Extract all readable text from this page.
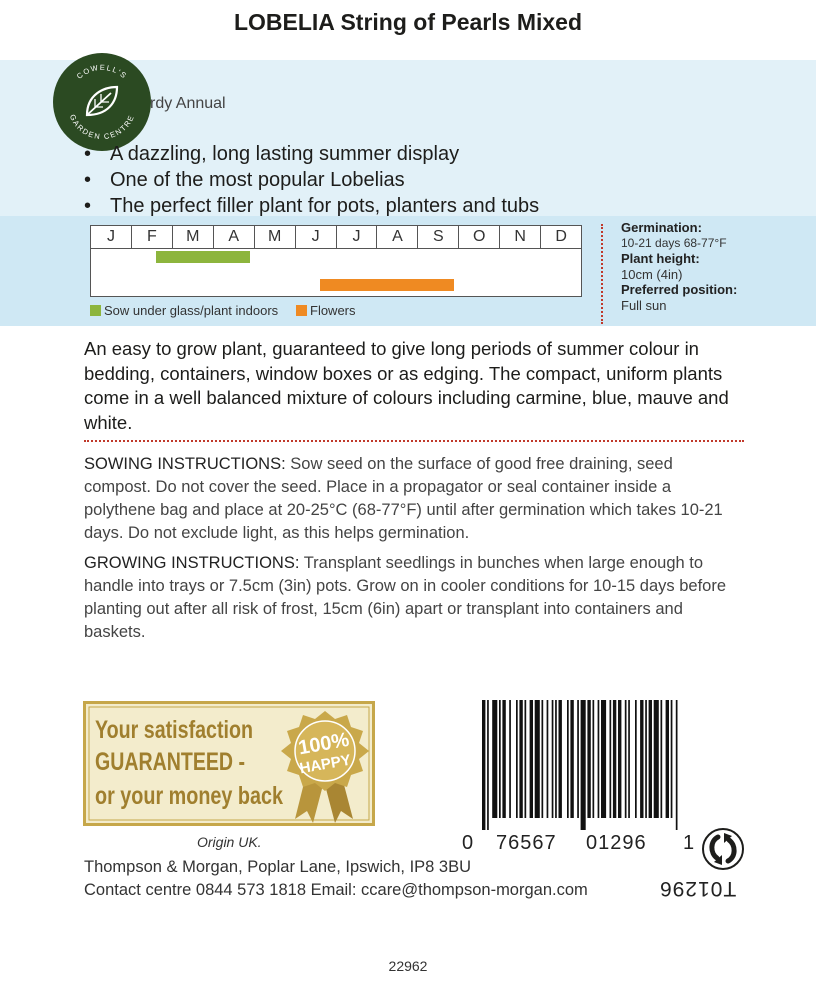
LOBELIA String of Pearls Mixed
COWELL'S
GARDEN CENTRE
rdy Annual
• A dazzling, long lasting summer display
• One of the most popular Lobelias
• The perfect filler plant for pots, planters and tubs
J	F	M	A	M	J	J	A	S	O	N	D
Sow under glass/plant indoors	Flowers
Germination:
10-21 days 68-77°F
Plant height:
10cm (4in)
Preferred position:
Full sun
An easy to grow plant, guaranteed to give long periods of summer colour in bedding, containers, window boxes or as edging. The compact, uniform plants come in a well balanced mixture of colours including carmine, blue, mauve and white.
SOWING INSTRUCTIONS: Sow seed on the surface of good free draining, seed compost. Do not cover the seed. Place in a propagator or seal container inside a polythene bag and place at 20-25°C (68-77°F) until after germination which takes 10-21 days. Do not exclude light, as this helps germination.
GROWING INSTRUCTIONS: Transplant seedlings in bunches when large enough to handle into trays or 7.5cm (3in) pots. Grow on in cooler conditions for 10-15 days before planting out after all risk of frost, 15cm (6in) apart or transplant into containers and baskets.
Your satisfaction
GUARANTEED -
or your money back
100%
HAPPY
Origin UK.
Thompson & Morgan, Poplar Lane, Ipswich, IP8 3BU
Contact centre 0844 573 1818 Email: ccare@thompson-morgan.com
0 76567 01296 1
T01296
22962
